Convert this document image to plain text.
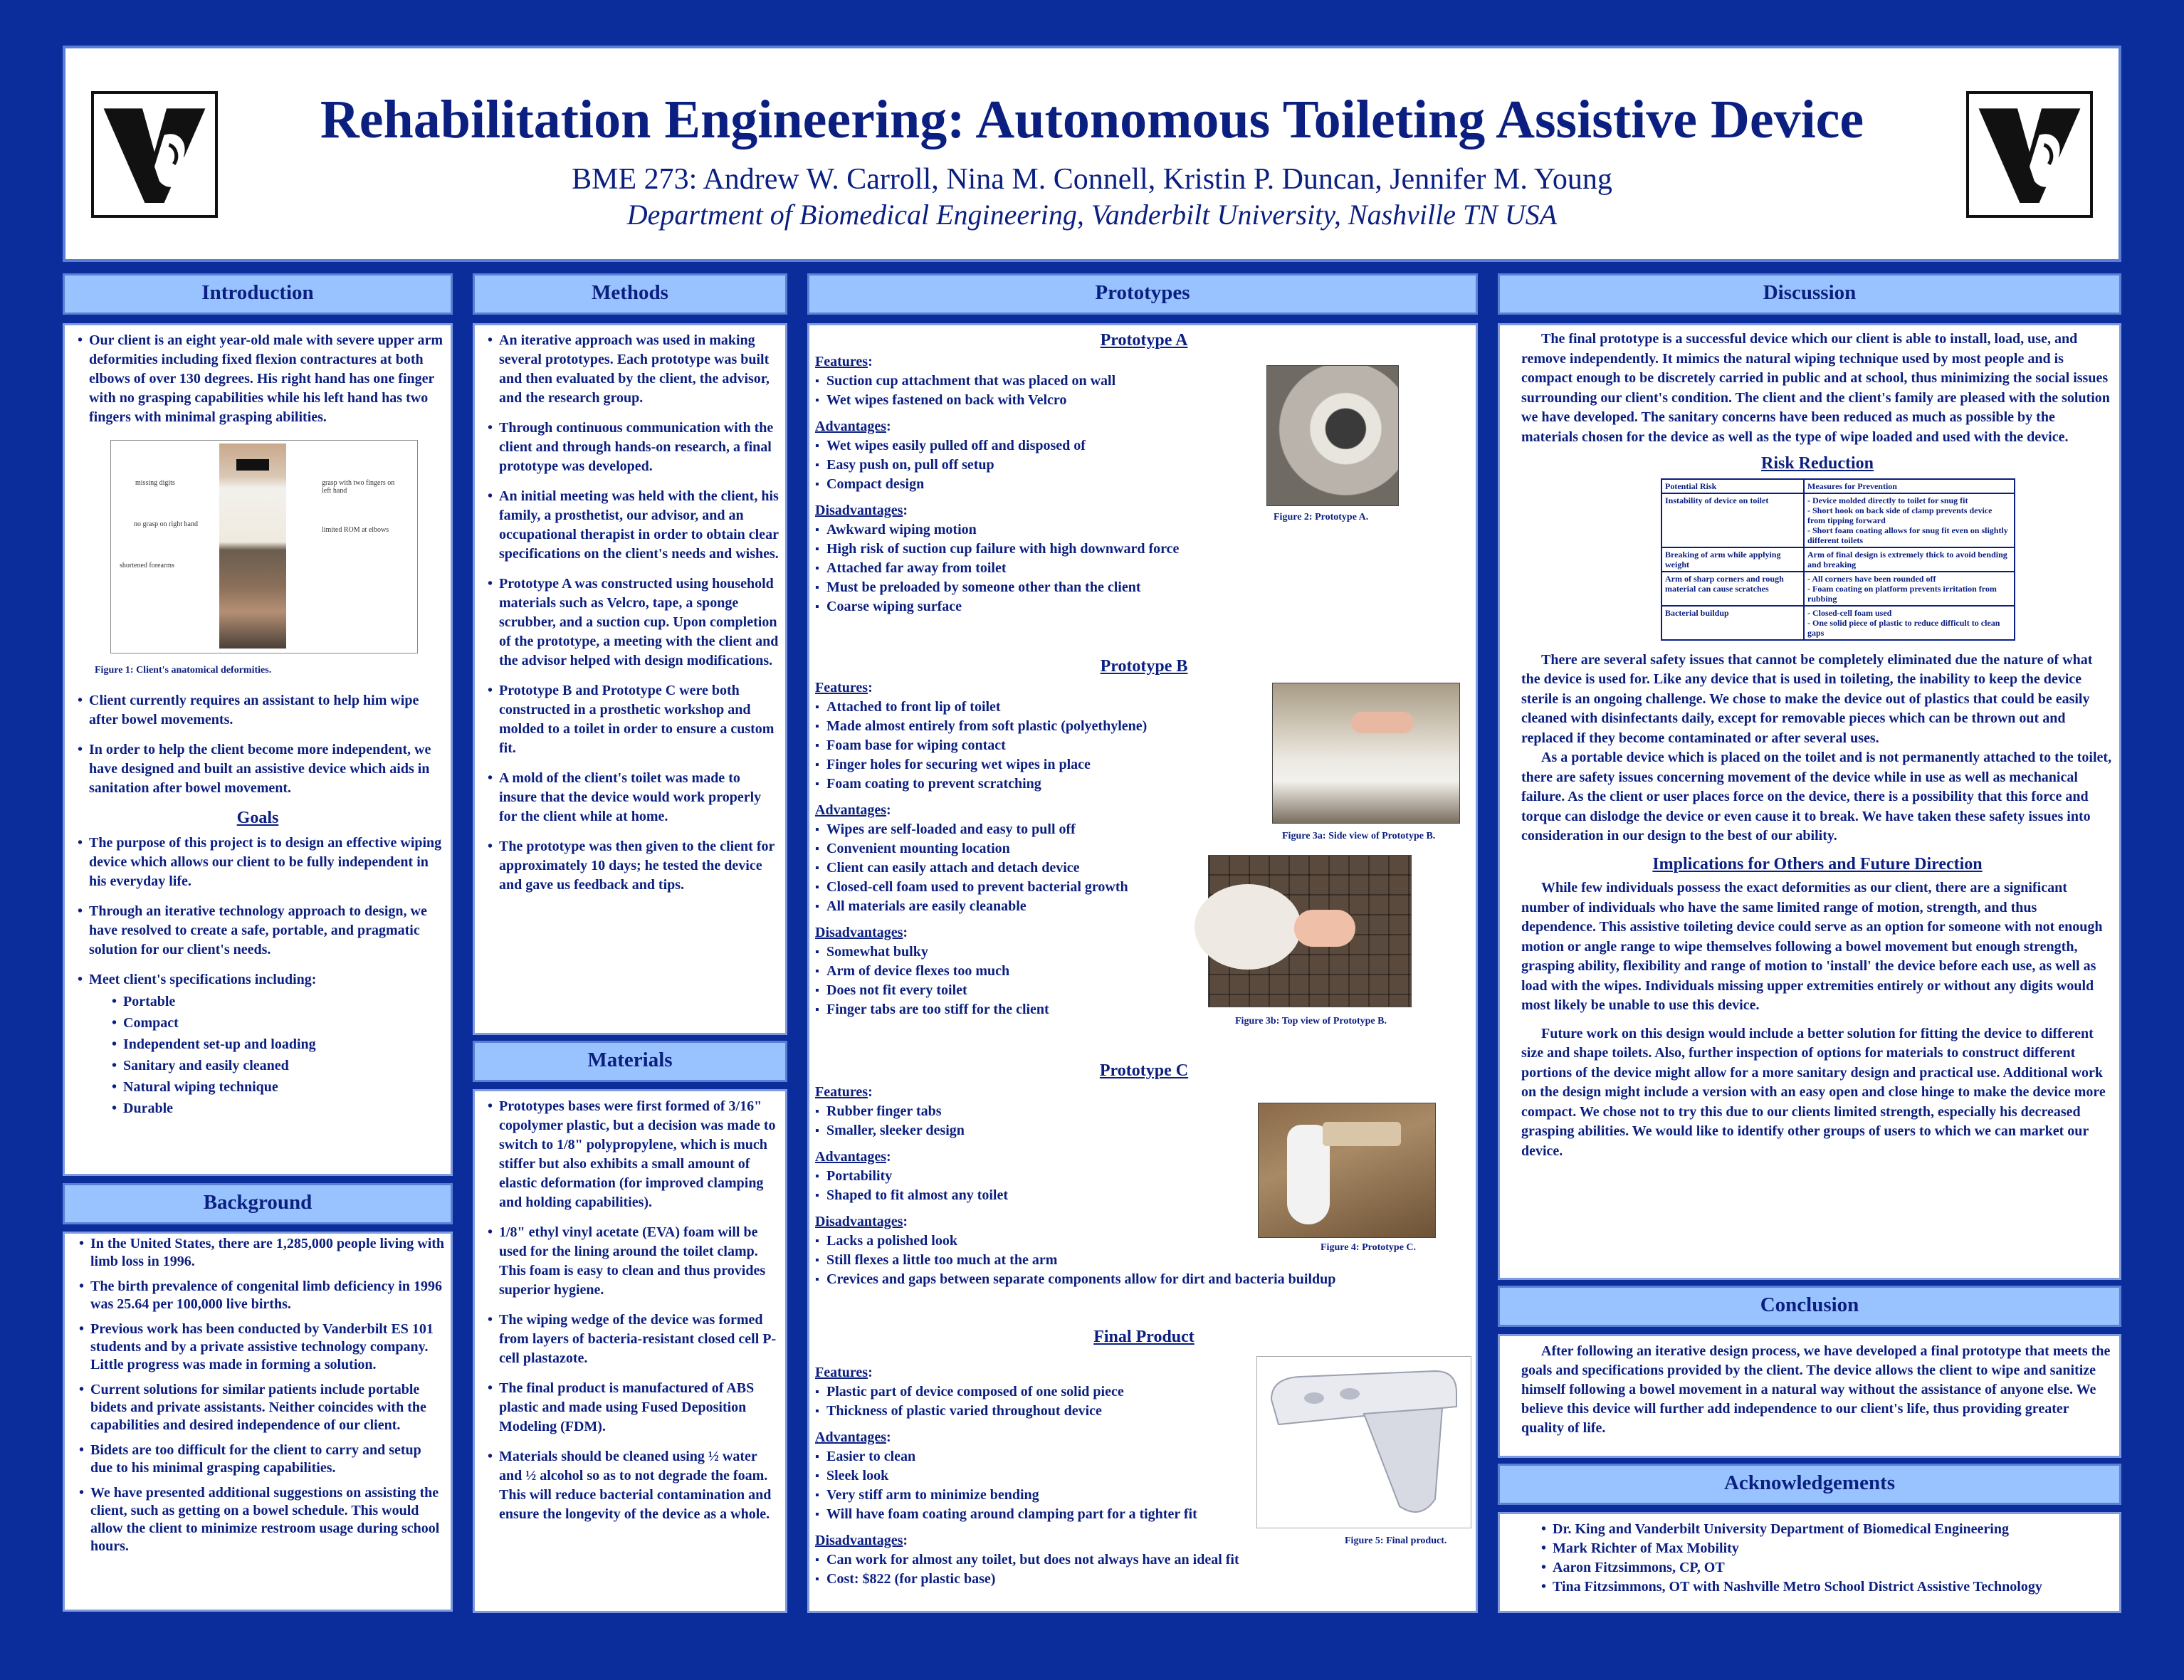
Rehabilitation Engineering: Autonomous Toileting Assistive Device
BME 273: Andrew W. Carroll, Nina M. Connell, Kristin P. Duncan, Jennifer M. Young
Department of Biomedical Engineering, Vanderbilt University, Nashville TN USA
Introduction
• Our client is an eight year-old male with severe upper arm deformities including fixed flexion contractures at both elbows of over 130 degrees. His right hand has one finger with no grasping capabilities while his left hand has two fingers with minimal grasping abilities.
missing digits
no grasp on right hand
shortened forearms
grasp with two fingers on left hand
limited ROM at elbows
Figure 1: Client's anatomical deformities.
• Client currently requires an assistant to help him wipe after bowel movements.
• In order to help the client become more independent, we have designed and built an assistive device which aids in sanitation after bowel movement.
Goals
• The purpose of this project is to design an effective wiping device which allows our client to be fully independent in his everyday life.
• Through an iterative technology approach to design, we have resolved to create a safe, portable, and pragmatic solution for our client's needs.
• Meet client's specifications including:
• Portable
• Compact
• Independent set-up and loading
• Sanitary and easily cleaned
• Natural wiping technique
• Durable
Background
• In the United States, there are 1,285,000 people living with limb loss in 1996.
• The birth prevalence of congenital limb deficiency in 1996 was 25.64 per 100,000 live births.
• Previous work has been conducted by Vanderbilt ES 101 students and by a private assistive technology company. Little progress was made in forming a solution.
• Current solutions for similar patients include portable bidets and private assistants. Neither coincides with the capabilities and desired independence of our client.
• Bidets are too difficult for the client to carry and setup due to his minimal grasping capabilities.
• We have presented additional suggestions on assisting the client, such as getting on a bowel schedule. This would allow the client to minimize restroom usage during school hours.
Methods
• An iterative approach was used in making several prototypes. Each prototype was built and then evaluated by the client, the advisor, and the research group.
• Through continuous communication with the client and through hands-on research, a final prototype was developed.
• An initial meeting was held with the client, his family, a prosthetist, our advisor, and an occupational therapist in order to obtain clear specifications on the client's needs and wishes.
• Prototype A was constructed using household materials such as Velcro, tape, a sponge scrubber, and a suction cup. Upon completion of the prototype, a meeting with the client and the advisor helped with design modifications.
• Prototype B and Prototype C were both constructed in a prosthetic workshop and molded to a toilet in order to ensure a custom fit.
• A mold of the client's toilet was made to insure that the device would work properly for the client while at home.
• The prototype was then given to the client for approximately 10 days; he tested the device and gave us feedback and tips.
Materials
• Prototypes bases were first formed of 3/16" copolymer plastic, but a decision was made to switch to 1/8" polypropylene, which is much stiffer but also exhibits a small amount of elastic deformation (for improved clamping and holding capabilities).
• 1/8" ethyl vinyl acetate (EVA) foam will be used for the lining around the toilet clamp. This foam is easy to clean and thus provides superior hygiene.
• The wiping wedge of the device was formed from layers of bacteria-resistant closed cell P-cell plastazote.
• The final product is manufactured of ABS plastic and made using Fused Deposition Modeling (FDM).
• Materials should be cleaned using ½ water and ½ alcohol so as to not degrade the foam. This will reduce bacterial contamination and ensure the longevity of the device as a whole.
Prototypes
Prototype A
Features:
▪ Suction cup attachment that was placed on wall
▪ Wet wipes fastened on back with Velcro
Advantages:
▪ Wet wipes easily pulled off and disposed of
▪ Easy push on, pull off setup
▪ Compact design
Disadvantages:
▪ Awkward wiping motion
▪ High risk of suction cup failure with high downward force
▪ Attached far away from toilet
▪ Must be preloaded by someone other than the client
▪ Coarse wiping surface
Figure 2: Prototype A.
Prototype B
Features:
▪ Attached to front lip of toilet
▪ Made almost entirely from soft plastic (polyethylene)
▪ Foam base for wiping contact
▪ Finger holes for securing wet wipes in place
▪ Foam coating to prevent scratching
Advantages:
▪ Wipes are self-loaded and easy to pull off
▪ Convenient mounting location
▪ Client can easily attach and detach device
▪ Closed-cell foam used to prevent bacterial growth
▪ All materials are easily cleanable
Disadvantages:
▪ Somewhat bulky
▪ Arm of device flexes too much
▪ Does not fit every toilet
▪ Finger tabs are too stiff for the client
Figure 3a: Side view of Prototype B.
Figure 3b: Top view of Prototype B.
Prototype C
Features:
▪ Rubber finger tabs
▪ Smaller, sleeker design
Advantages:
▪ Portability
▪ Shaped to fit almost any toilet
Disadvantages:
▪ Lacks a polished look
▪ Still flexes a little too much at the arm
▪ Crevices and gaps between separate components allow for dirt and bacteria buildup
Figure 4: Prototype C.
Final Product
Features:
▪ Plastic part of device composed of one solid piece
▪ Thickness of plastic varied throughout device
Advantages:
▪ Easier to clean
▪ Sleek look
▪ Very stiff arm to minimize bending
▪ Will have foam coating around clamping part for a tighter fit
Disadvantages:
▪ Can work for almost any toilet, but does not always have an ideal fit
▪ Cost: $822 (for plastic base)
Figure 5: Final product.
Discussion
The final prototype is a successful device which our client is able to install, load, use, and remove independently. It mimics the natural wiping technique used by most people and is compact enough to be discretely carried in public and at school, thus minimizing the social issues surrounding our client's condition. The client and the client's family are pleased with the solution we have developed. The sanitary concerns have been reduced as much as possible by the materials chosen for the device as well as the type of wipe loaded and used with the device.
Risk Reduction
Potential Risk	Measures for Prevention
Instability of device on toilet	- Device molded directly to toilet for snug fit
- Short hook on back side of clamp prevents device from tipping forward
- Short foam coating allows for snug fit even on slightly different toilets

Breaking of arm while applying weight	Arm of final design is extremely thick to avoid bending and breaking

Arm of sharp corners and rough material can cause scratches	- All corners have been rounded off
- Foam coating on platform prevents irritation from rubbing

Bacterial buildup	- Closed-cell foam used
- One solid piece of plastic to reduce difficult to clean gaps
There are several safety issues that cannot be completely eliminated due the nature of what the device is used for. Like any device that is used in toileting, the inability to keep the device sterile is an ongoing challenge. We chose to make the device out of plastics that could be easily cleaned with disinfectants daily, except for removable pieces which can be thrown out and replaced if they become contaminated or after several uses.
As a portable device which is placed on the toilet and is not permanently attached to the toilet, there are safety issues concerning movement of the device while in use as well as mechanical failure. As the client or user places force on the device, there is a possibility that this force and torque can dislodge the device or even cause it to break. We have taken these safety issues into consideration in our design to the best of our ability.
Implications for Others and Future Direction
While few individuals possess the exact deformities as our client, there are a significant number of individuals who have the same limited range of motion, strength, and thus dependence. This assistive toileting device could serve as an option for someone with not enough motion or angle range to wipe themselves following a bowel movement but enough strength, grasping ability, flexibility and range of motion to 'install' the device before each use, as well as load with the wipes. Individuals missing upper extremities entirely or without any digits would most likely be unable to use this device.
Future work on this design would include a better solution for fitting the device to different size and shape toilets. Also, further inspection of options for materials to construct different portions of the device might allow for a more sanitary design and practical use. Additional work on the design might include a version with an easy open and close hinge to make the device more compact. We chose not to try this due to our clients limited strength, especially his decreased grasping abilities. We would like to identify other groups of users to which we can market our device.
Conclusion
After following an iterative design process, we have developed a final prototype that meets the goals and specifications provided by the client. The device allows the client to wipe and sanitize himself following a bowel movement in a natural way without the assistance of anyone else. We believe this device will further add independence to our client's life, thus providing greater quality of life.
Acknowledgements
• Dr. King and Vanderbilt University Department of Biomedical Engineering
• Mark Richter of Max Mobility
• Aaron Fitzsimmons, CP, OT
• Tina Fitzsimmons, OT with Nashville Metro School District Assistive Technology
